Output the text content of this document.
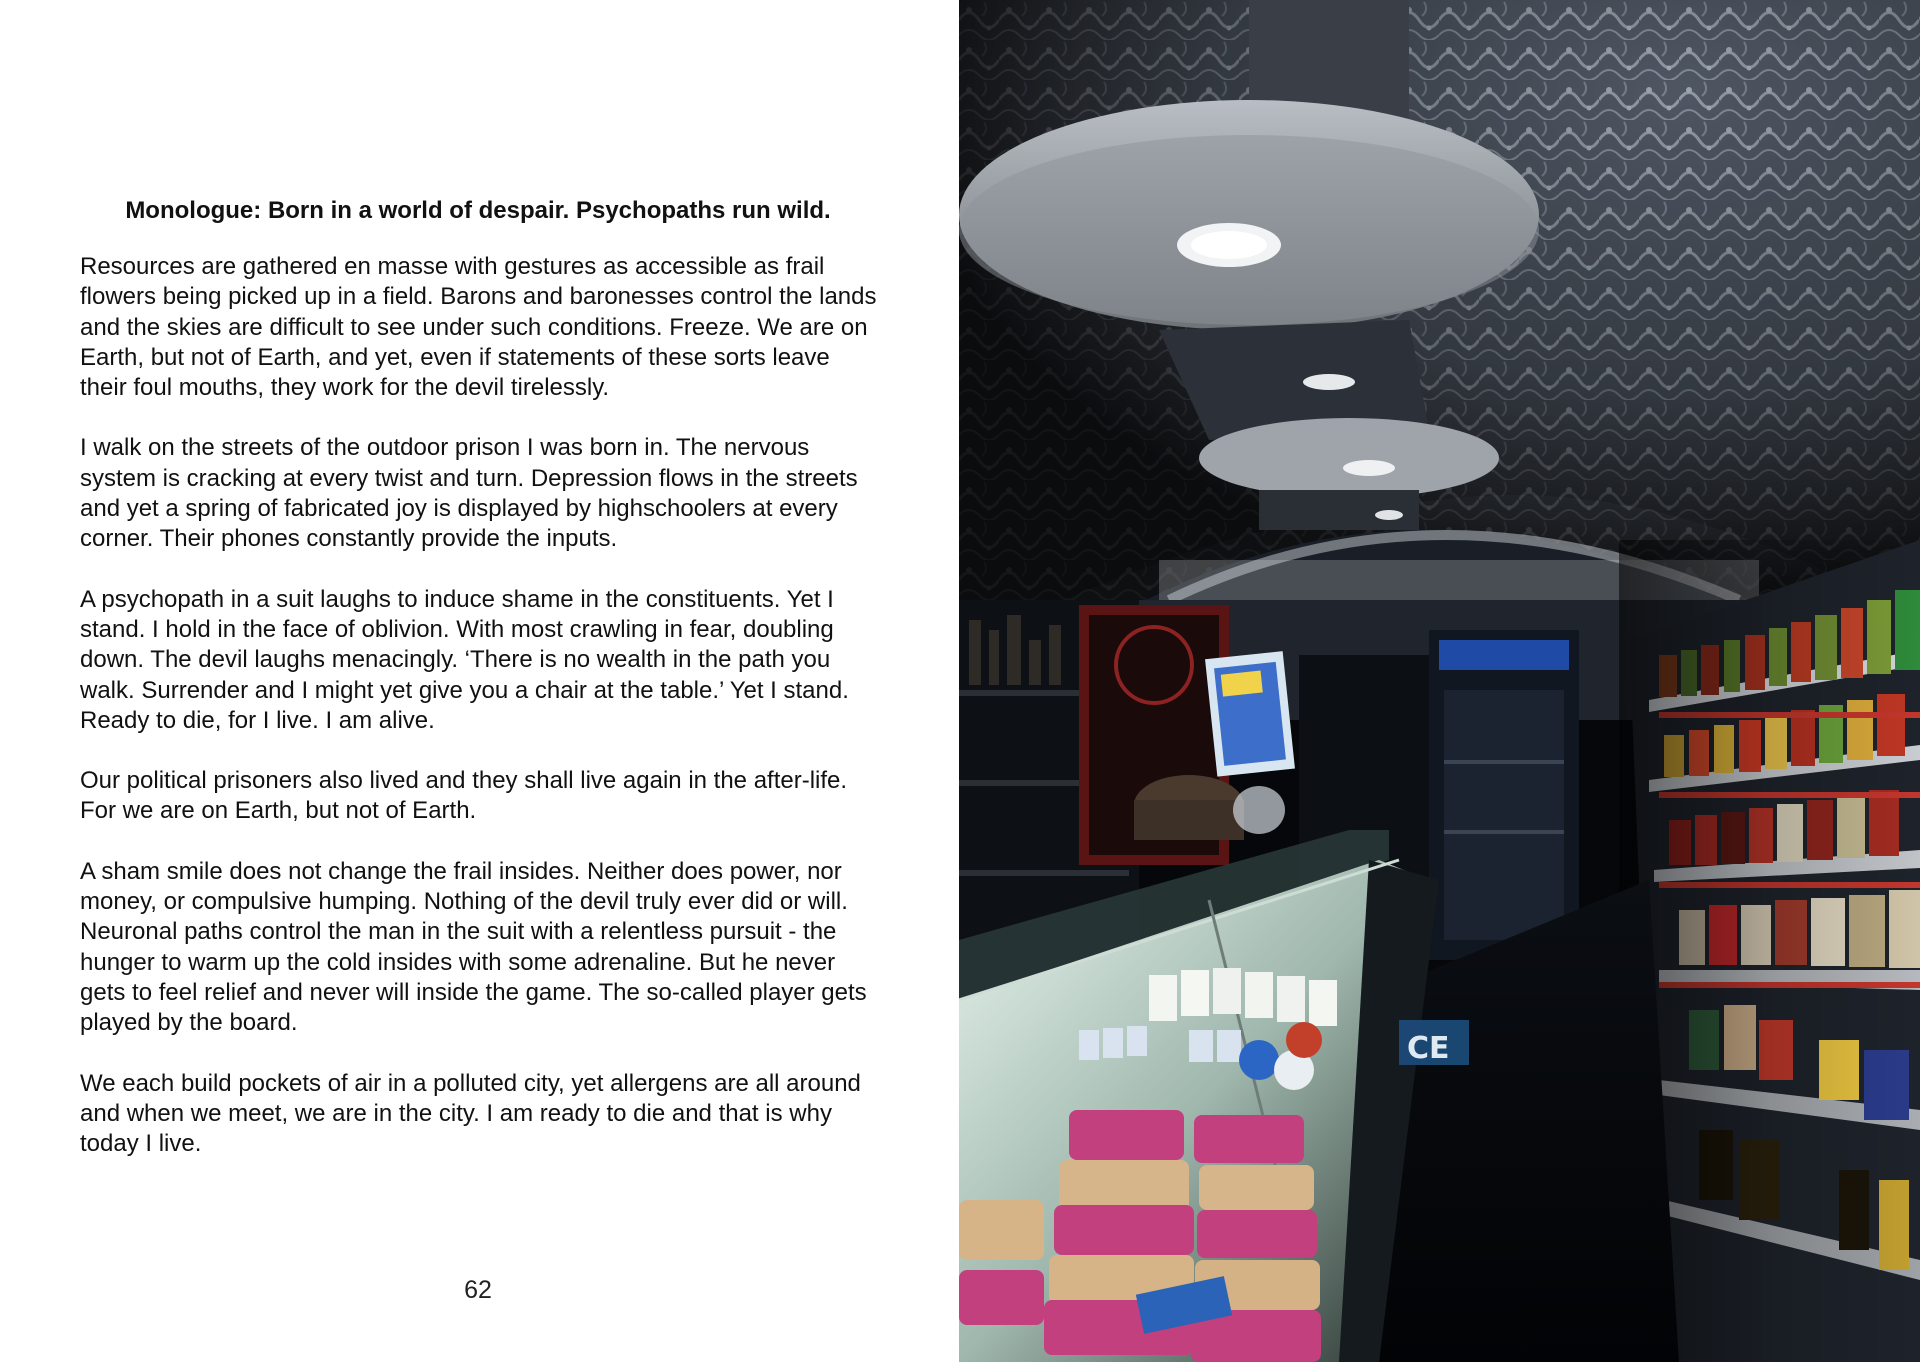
Monologue: Born in a world of despair. Psychopaths run wild.

Resources are gathered en masse with gestures as accessible as frail flowers being picked up in a field. Barons and baronesses control the lands and the skies are difficult to see under such conditions. Freeze. We are on Earth, but not of Earth, and yet, even if statements of these sorts leave their foul mouths, they work for the devil tirelessly.

I walk on the streets of the outdoor prison I was born in. The nervous system is cracking at every twist and turn. Depression flows in the streets and yet a spring of fabricated joy is displayed by highschoolers at every corner. Their phones constantly provide the inputs.

A psychopath in a suit laughs to induce shame in the constituents. Yet I stand. I hold in the face of oblivion. With most crawling in fear, doubling down. The devil laughs menacingly. ‘There is no wealth in the path you walk. Surrender and I might yet give you a chair at the table.’ Yet I stand. Ready to die, for I live. I am alive.

Our political prisoners also lived and they shall live again in the after-life. For we are on Earth, but not of Earth.

A sham smile does not change the frail insides. Neither does power, nor money, or compulsive humping. Nothing of the devil truly ever did or will. Neuronal paths control the man in the suit with a relentless pursuit - the hunger to warm up the cold insides with some adrenaline. But he never gets to feel relief and never will inside the game. The so-called player gets played by the board.

We each build pockets of air in a polluted city, yet allergens are all around and when we meet, we are in the city. I am ready to die and that is why today I live.

62
CE
